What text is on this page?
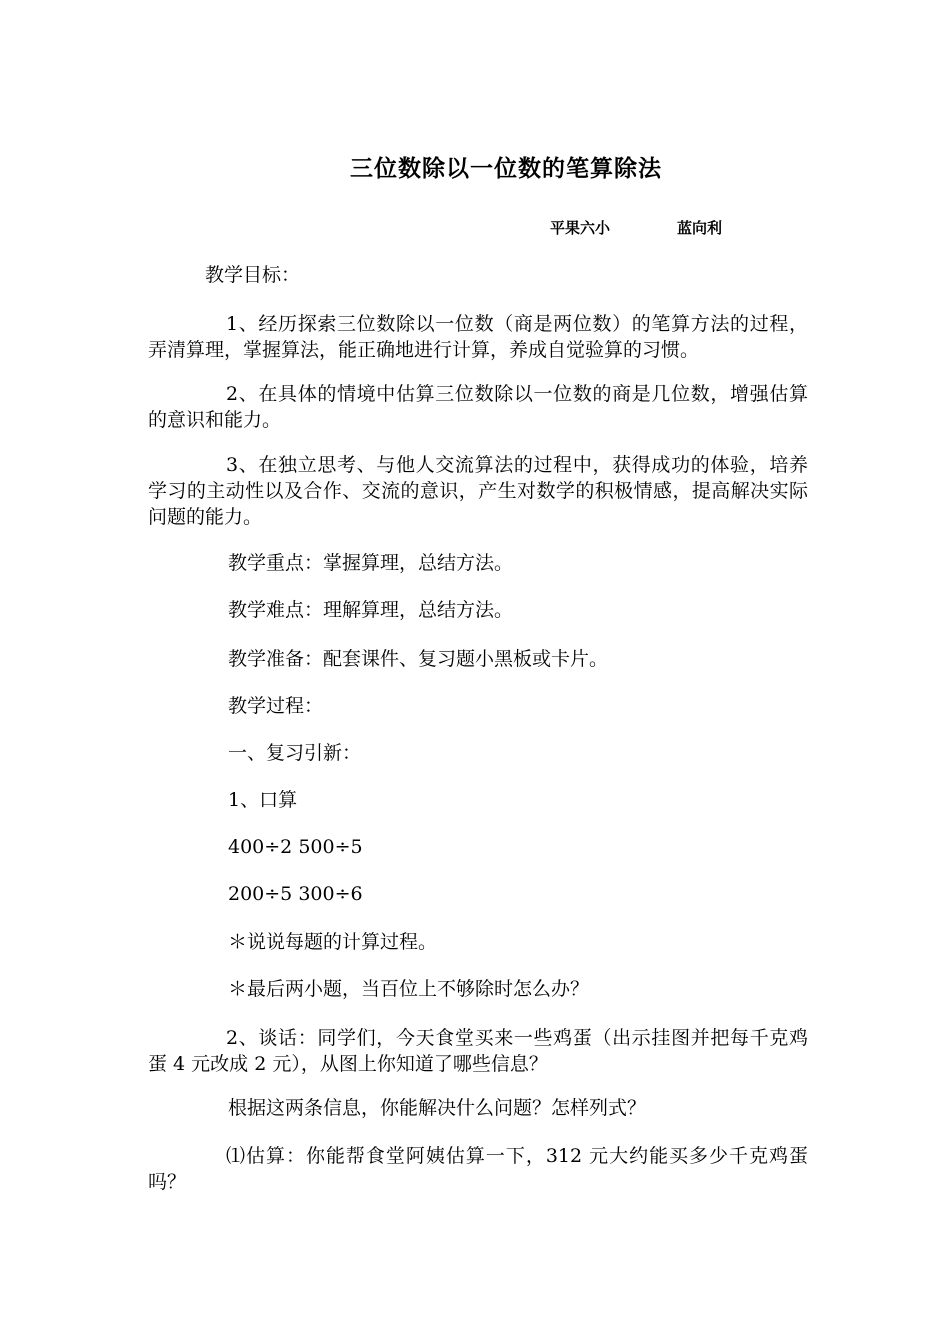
三位数除以一位数的笔算除法
平果六小	蓝向利
教学目标：
1、经历探索三位数除以一位数（商是两位数）的笔算方法的过程，弄清算理，掌握算法，能正确地进行计算，养成自觉验算的习惯。
2、在具体的情境中估算三位数除以一位数的商是几位数，增强估算的意识和能力。
3、在独立思考、与他人交流算法的过程中，获得成功的体验，培养学习的主动性以及合作、交流的意识，产生对数学的积极情感，提高解决实际问题的能力。
教学重点：掌握算理，总结方法。
教学难点：理解算理，总结方法。
教学准备：配套课件、复习题小黑板或卡片。
教学过程：
一、复习引新：
1、口算
400÷2 500÷5
200÷5 300÷6
＊说说每题的计算过程。
＊最后两小题，当百位上不够除时怎么办？
2、谈话：同学们，今天食堂买来一些鸡蛋（出示挂图并把每千克鸡蛋 4 元改成 2 元），从图上你知道了哪些信息？
根据这两条信息，你能解决什么问题？怎样列式？
⑴估算：你能帮食堂阿姨估算一下，312 元大约能买多少千克鸡蛋吗？
